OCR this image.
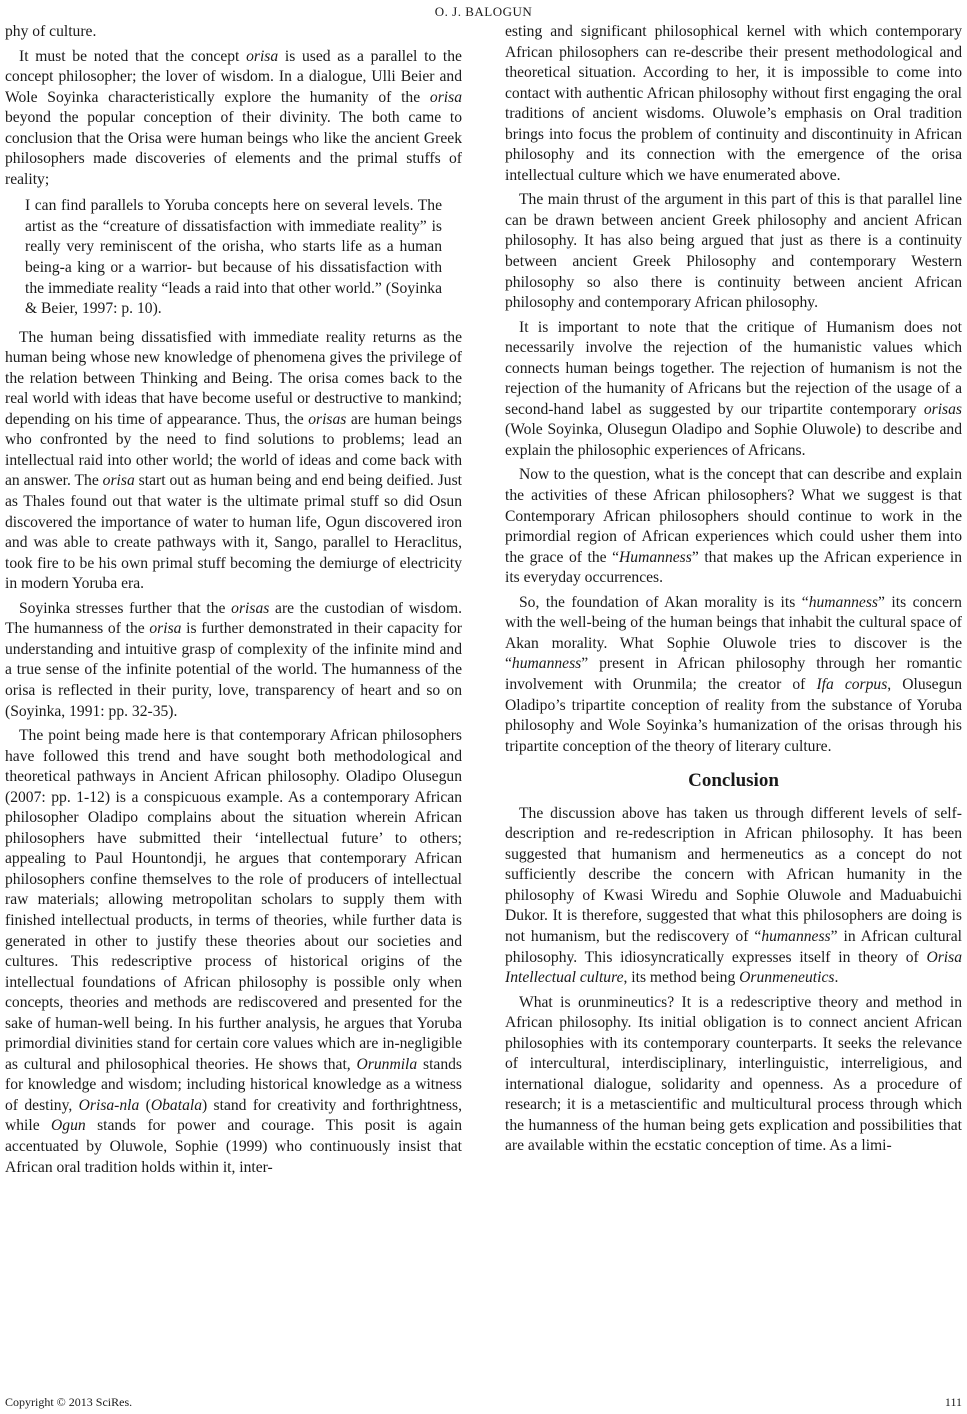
O. J. BALOGUN

phy of culture.

It must be noted that the concept orisa is used as a parallel to the concept philosopher; the lover of wisdom. In a dialogue, Ulli Beier and Wole Soyinka characteristically explore the humanity of the orisa beyond the popular conception of their divinity. The both came to conclusion that the Orisa were human beings who like the ancient Greek philosophers made discoveries of elements and the primal stuffs of reality;

I can find parallels to Yoruba concepts here on several levels. The artist as the “creature of dissatisfaction with immediate reality” is really very reminiscent of the orisha, who starts life as a human being-a king or a warrior- but because of his dissatisfaction with the immediate reality “leads a raid into that other world.” (Soyinka & Beier, 1997: p. 10).

The human being dissatisfied with immediate reality returns as the human being whose new knowledge of phenomena gives the privilege of the relation between Thinking and Being. The orisa comes back to the real world with ideas that have become useful or destructive to mankind; depending on his time of appearance. Thus, the orisas are human beings who confronted by the need to find solutions to problems; lead an intellectual raid into other world; the world of ideas and come back with an answer. The orisa start out as human being and end being deified. Just as Thales found out that water is the ultimate primal stuff so did Osun discovered the importance of water to human life, Ogun discovered iron and was able to create pathways with it, Sango, parallel to Heraclitus, took fire to be his own primal stuff becoming the demiurge of electricity in modern Yoruba era.

Soyinka stresses further that the orisas are the custodian of wisdom. The humanness of the orisa is further demonstrated in their capacity for understanding and intuitive grasp of complexity of the infinite mind and a true sense of the infinite potential of the world. The humanness of the orisa is reflected in their purity, love, transparency of heart and so on (Soyinka, 1991: pp. 32-35).

The point being made here is that contemporary African philosophers have followed this trend and have sought both methodological and theoretical pathways in Ancient African philosophy. Oladipo Olusegun (2007: pp. 1-12) is a conspicuous example. As a contemporary African philosopher Oladipo complains about the situation wherein African philosophers have submitted their ‘intellectual future’ to others; appealing to Paul Hountondji, he argues that contemporary African philosophers confine themselves to the role of producers of intellectual raw materials; allowing metropolitan scholars to supply them with finished intellectual products, in terms of theories, while further data is generated in other to justify these theories about our societies and cultures. This redescriptive process of historical origins of the intellectual foundations of African philosophy is possible only when concepts, theories and methods are rediscovered and presented for the sake of human-well being. In his further analysis, he argues that Yoruba primordial divinities stand for certain core values which are in-negligible as cultural and philosophical theories. He shows that, Orunmila stands for knowledge and wisdom; including historical knowledge as a witness of destiny, Orisa-nla (Obatala) stand for creativity and forthrightness, while Ogun stands for power and courage. This posit is again accentuated by Oluwole, Sophie (1999) who continuously insist that African oral tradition holds within it, inter-

esting and significant philosophical kernel with which contemporary African philosophers can re-describe their present methodological and theoretical situation. According to her, it is impossible to come into contact with authentic African philosophy without first engaging the oral traditions of ancient wisdoms. Oluwole’s emphasis on Oral tradition brings into focus the problem of continuity and discontinuity in African philosophy and its connection with the emergence of the orisa intellectual culture which we have enumerated above.

The main thrust of the argument in this part of this is that parallel line can be drawn between ancient Greek philosophy and ancient African philosophy. It has also being argued that just as there is a continuity between ancient Greek Philosophy and contemporary Western philosophy so also there is continuity between ancient African philosophy and contemporary African philosophy.

It is important to note that the critique of Humanism does not necessarily involve the rejection of the humanistic values which connects human beings together. The rejection of humanism is not the rejection of the humanity of Africans but the rejection of the usage of a second-hand label as suggested by our tripartite contemporary orisas (Wole Soyinka, Olusegun Oladipo and Sophie Oluwole) to describe and explain the philosophic experiences of Africans.

Now to the question, what is the concept that can describe and explain the activities of these African philosophers? What we suggest is that Contemporary African philosophers should continue to work in the primordial region of African experiences which could usher them into the grace of the “Humanness” that makes up the African experience in its everyday occurrences.

So, the foundation of Akan morality is its “humanness” its concern with the well-being of the human beings that inhabit the cultural space of Akan morality. What Sophie Oluwole tries to discover is the “humanness” present in African philosophy through her romantic involvement with Orunmila; the creator of Ifa corpus, Olusegun Oladipo’s tripartite conception of reality from the substance of Yoruba philosophy and Wole Soyinka’s humanization of the orisas through his tripartite conception of the theory of literary culture.

Conclusion

The discussion above has taken us through different levels of self-description and re-redescription in African philosophy. It has been suggested that humanism and hermeneutics as a concept do not sufficiently describe the concern with African humanity in the philosophy of Kwasi Wiredu and Sophie Oluwole and Maduabuichi Dukor. It is therefore, suggested that what this philosophers are doing is not humanism, but the rediscovery of “humanness” in African cultural philosophy. This idiosyncratically expresses itself in theory of Orisa Intellectual culture, its method being Orunmeneutics.

What is orunmineutics? It is a redescriptive theory and method in African philosophy. Its initial obligation is to connect ancient African philosophies with its contemporary counterparts. It seeks the relevance of intercultural, interdisciplinary, interlinguistic, interreligious, and international dialogue, solidarity and openness. As a procedure of research; it is a metascientific and multicultural process through which the humanness of the human being gets explication and possibilities that are available within the ecstatic conception of time. As a limi-

Copyright © 2013 SciRes.	111
